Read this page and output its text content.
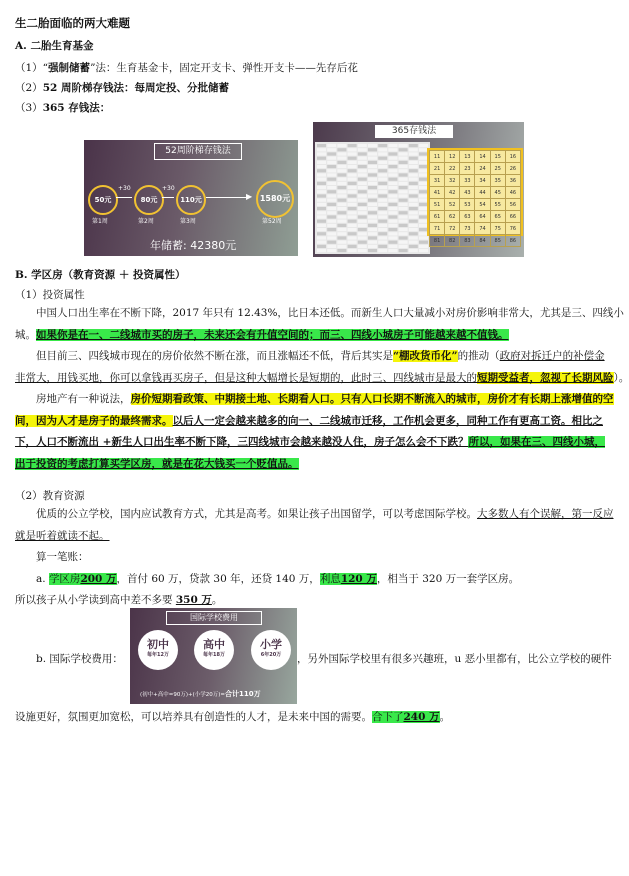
生二胎面临的两大难题
A. 二胎生育基金
（1）“强制储蓄”法：生育基金卡，固定开支卡、弹性开支卡——先存后花
（2）52 周阶梯存钱法：每周定投、分批储蓄
（3）365 存钱法：
52周阶梯存钱法
50元	80元	110元	1580元
+30	+30
▶
第1周	第2周	第3周	第52周
年储蓄: 42380元
365存钱法
11	12	13	14	15	16
21	22	23	24	25	26
31	32	33	34	35	36
41	42	43	44	45	46
51	52	53	54	55	56
61	62	63	64	65	66
71	72	73	74	75	76
81	82	83	84	85	86
B. 学区房（教育资源 ＋ 投资属性）
（1）投资属性
中国人口出生率在不断下降，2017 年只有 12.43%，比日本还低。而新生人口大量减小对房价影响非常大，尤其是三、四线小
城。如果你是在一、二线城市买的房子，未来还会有升值空间的；而三、四线小城房子可能越来越不值钱。
但目前三、四线城市现在的房价依然不断在涨，而且涨幅还不低，背后其实是“棚改货币化”的推动（政府对拆迁户的补偿金
非常大，用钱买地，你可以拿钱再买房子，但是这种大幅增长是短期的，此时三、四线城市是最大的短期受益者，忽视了长期风险）。
房地产有一种说法，房价短期看政策、中期接土地、长期看人口。只有人口长期不断流入的城市，房价才有长期上涨增值的空
间，因为人才是房子的最终需求。以后人一定会越来越多的向一、二线城市迁移，工作机会更多，同种工作有更高工资。相比之
下，人口不断流出 +新生人口出生率不断下降，三四线城市会越来越没人住，房子怎么会不下跌？所以，如果在三、四线小城，
出于投资的考虑打算买学区房，就是在花大钱买一个贬值品。
（2）教育资源
优质的公立学校，国内应试教育方式，尤其是高考。如果让孩子出国留学，可以考虑国际学校。大多数人有个误解，第一反应
就是听着就读不起。
算一笔账：
a. 学区房200 万，首付 60 万，贷款 30 年，还贷 140 万，利息120 万，相当于 320 万一套学区房。
所以孩子从小学读到高中差不多要 350 万。
国际学校费用
初中
每年12万
高中
每年18万
小学
6年20万
(初中+高中=90万)+(小学20万)=合计110万
b. 国际学校费用：	，另外国际学校里有很多兴趣班，u 恶小里都有，比公立学校的硬件
设施更好，氛围更加宽松，可以培养具有创造性的人才，是未来中国的需要。合下了240 万。
